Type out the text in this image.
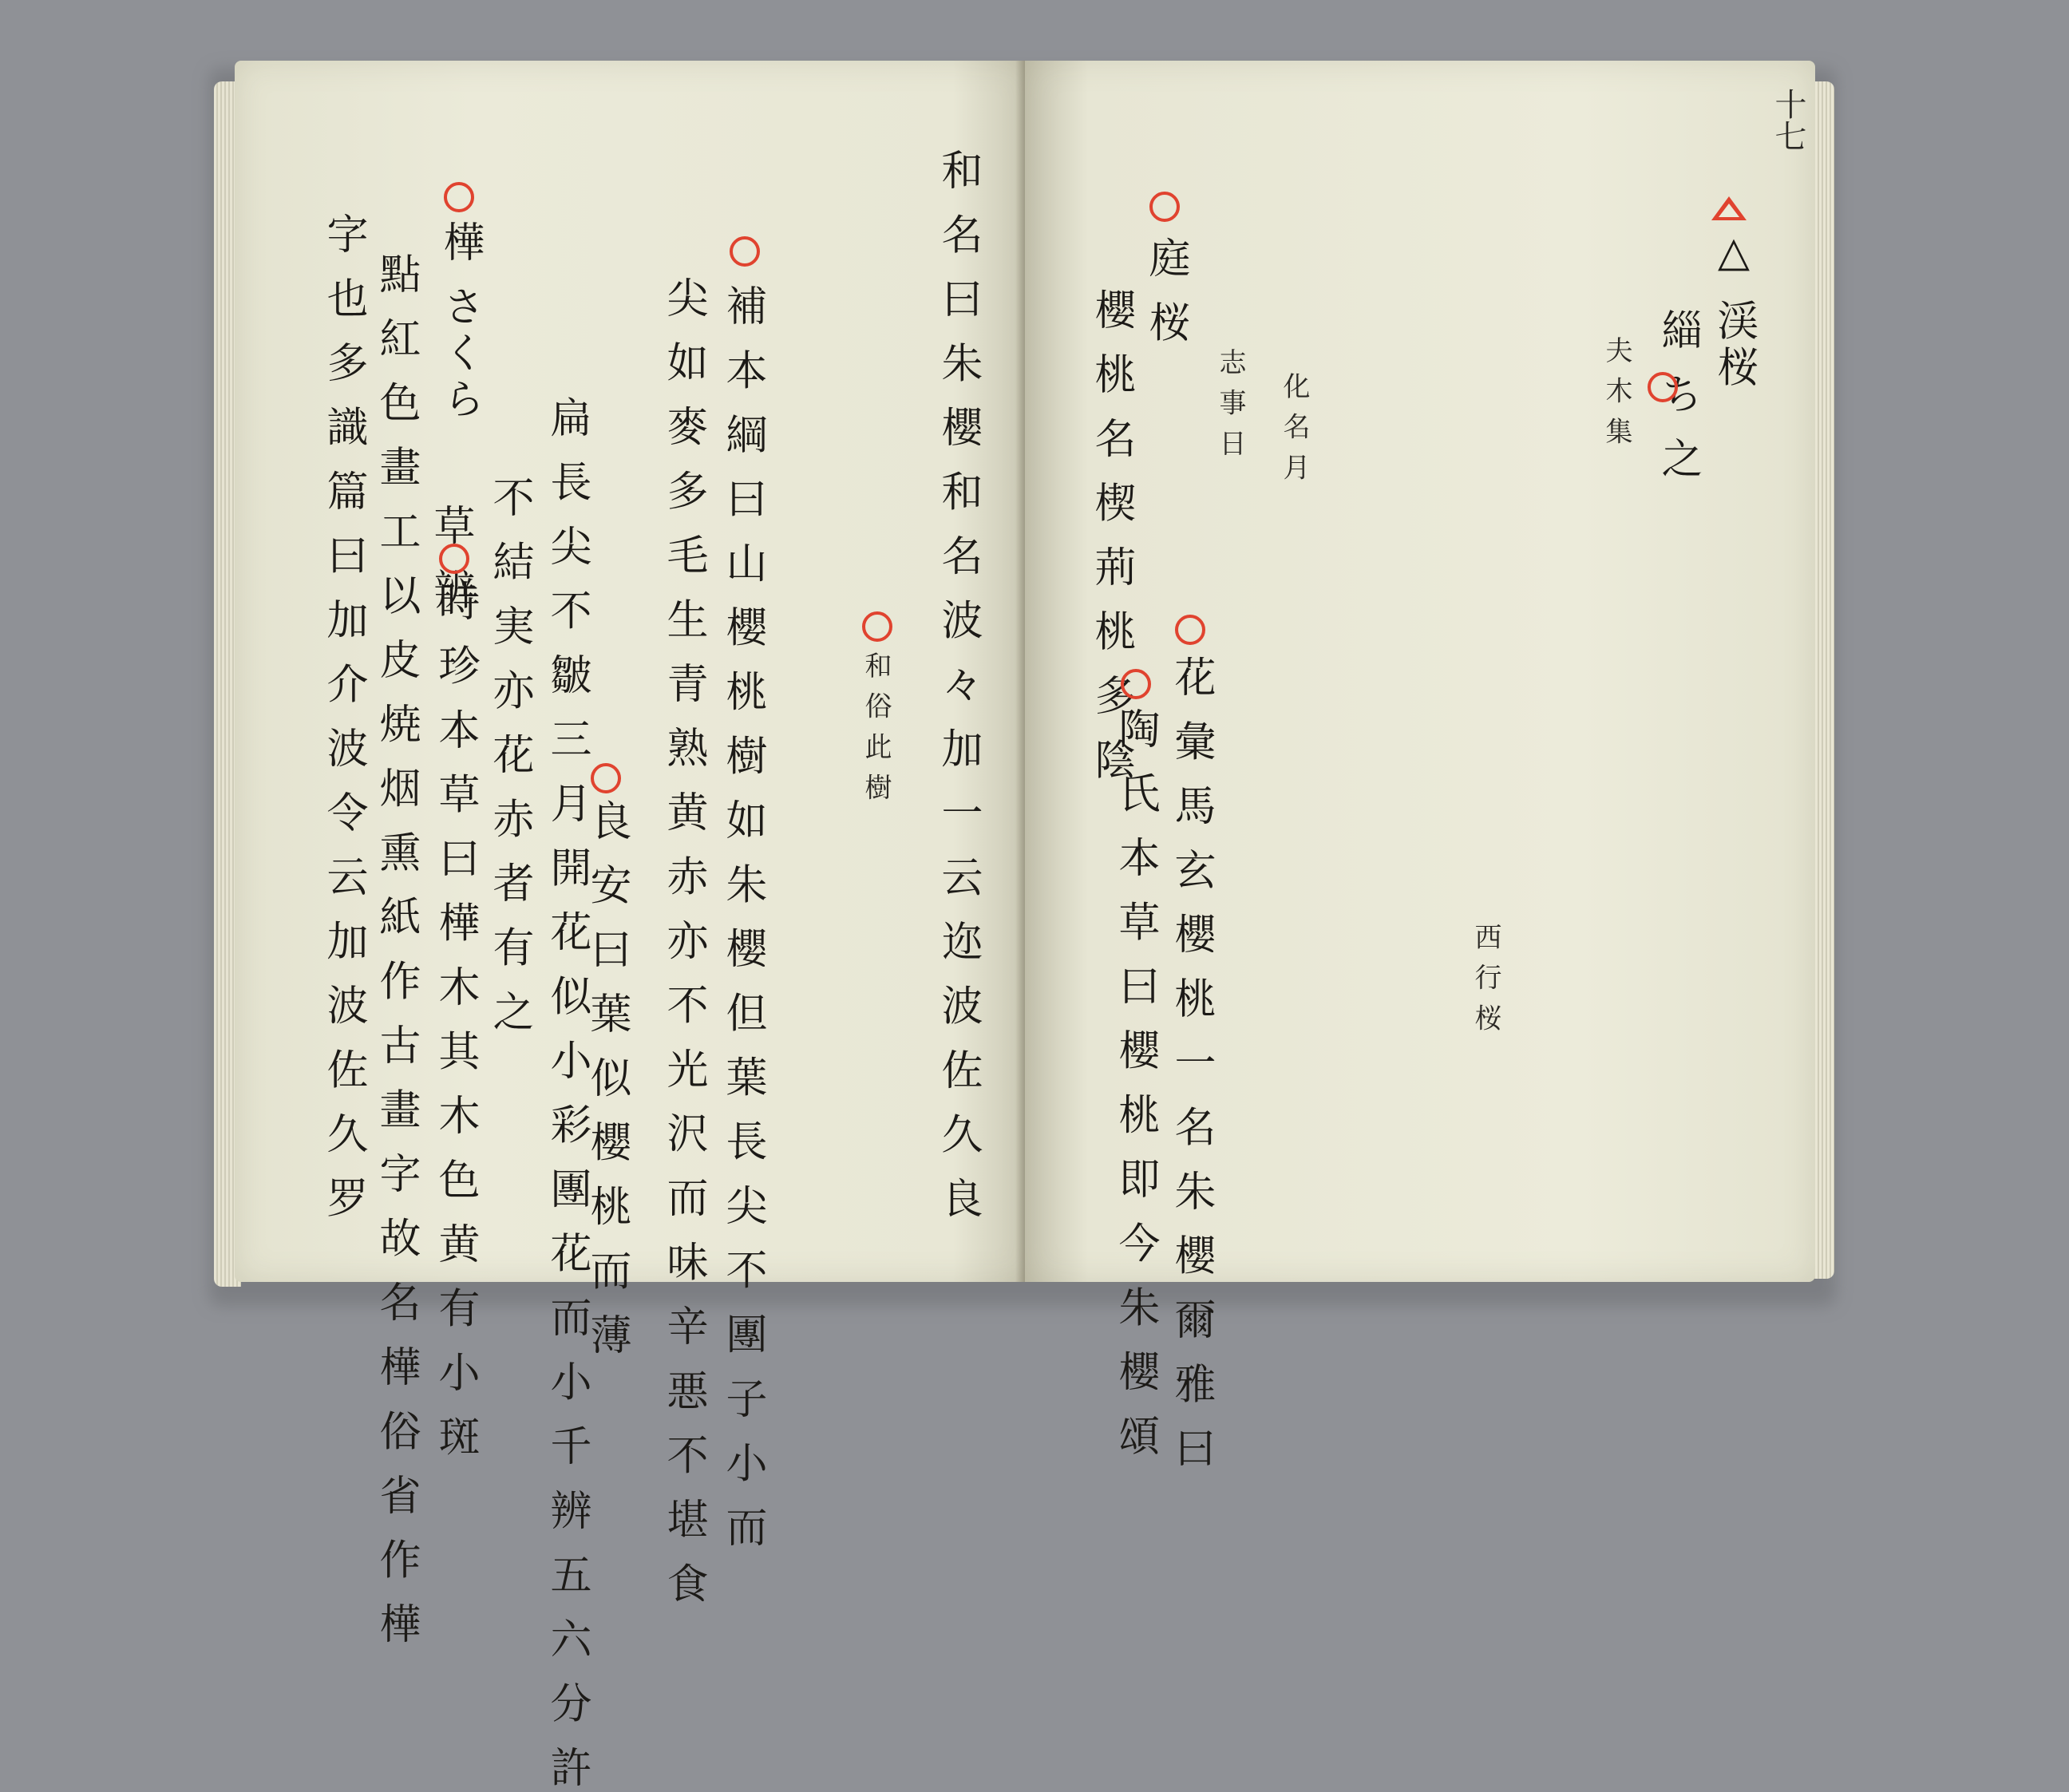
和 名 曰 朱 櫻 和 名 波 々 加 一 云 迩 波 佐 久 良
和 俗 此 樹
補 本 綱 曰 山 櫻 桃 樹 如 朱 櫻 但 葉 長 尖 不 團 子 小 而
尖 如 麥 多 毛 生 青 熟 黄 赤 亦 不 光 沢 而 味 辛 悪 不 堪 食
良 安 曰 葉 似 櫻 桃 而 薄
扁 長 尖 不 皺 三 月 開 花 似 小 彩 團 花 而 小 千 辨 五 六 分 許
不 結 実 亦 花 赤 者 有 之
草 辨
樺 さくら
時 珍 本 草 曰 樺 木 其 木 色 黄 有 小 斑
點 紅 色 畫 工 以 皮 焼 烟 熏 紙 作 古 畫 字 故 名 樺 俗 省 作 樺
字 也 多 識 篇 曰 加 介 波 令 云 加 波 佐 久 罗
十七
△ 渓桜
緇 ち 之
夫 木 集
西 行 桜
化 名 月
志 事 日
庭 桜
櫻 桃 名 楔 荊 桃 多 陰
花 彙 馬 玄 櫻 桃 一 名 朱 櫻 爾 雅 曰
陶 氏 本 草 曰 櫻 桃 即 今 朱 櫻 頌
